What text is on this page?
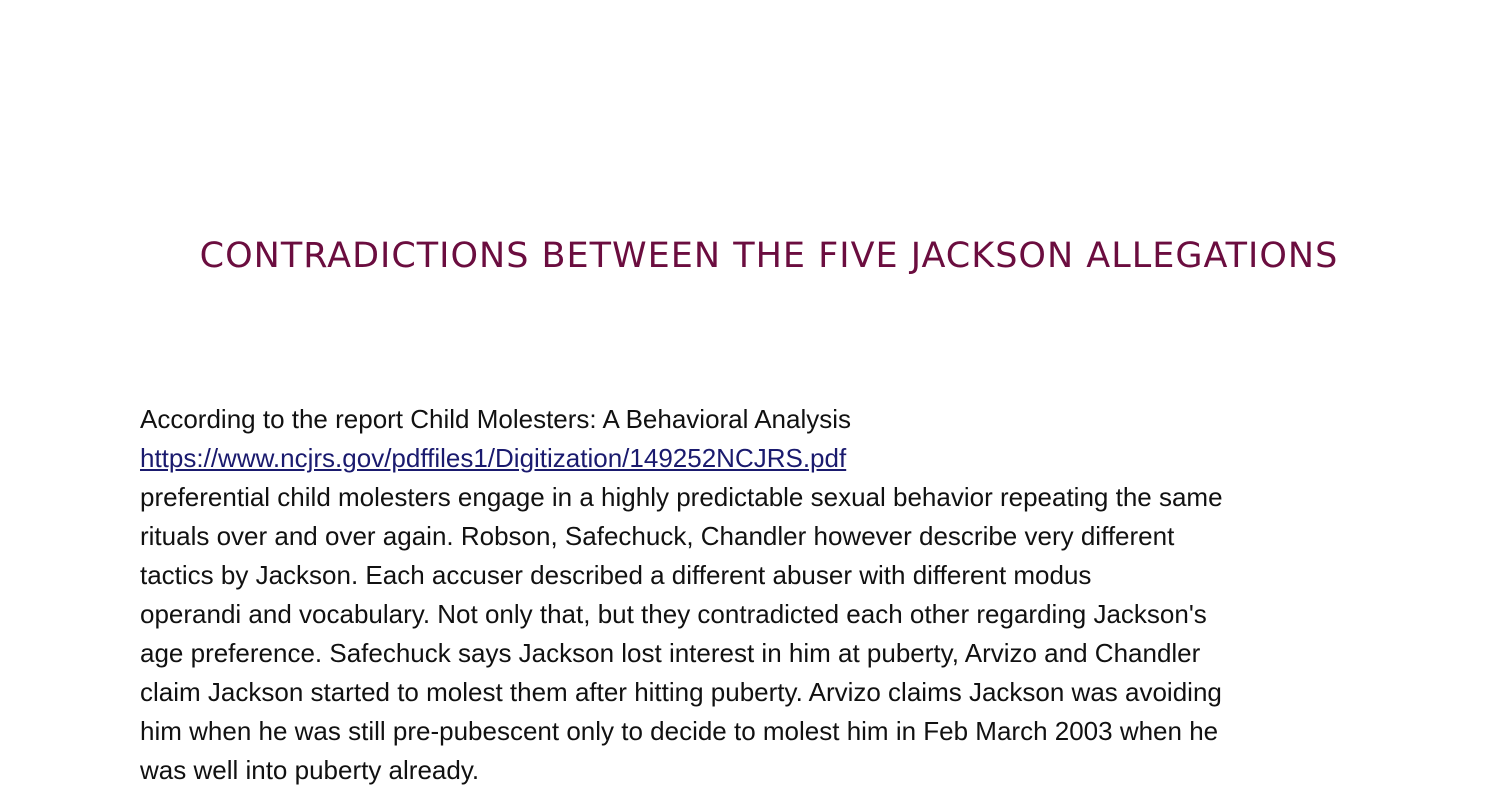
CONTRADICTIONS BETWEEN THE FIVE JACKSON ALLEGATIONS
According to the report Child Molesters: A Behavioral Analysis
https://www.ncjrs.gov/pdffiles1/Digitization/149252NCJRS.pdf
preferential child molesters engage in a highly predictable sexual behavior repeating the same
rituals over and over again. Robson, Safechuck, Chandler however describe very different
tactics by Jackson. Each accuser described a different abuser with different modus
operandi and vocabulary. Not only that, but they contradicted each other regarding Jackson's
age preference. Safechuck says Jackson lost interest in him at puberty, Arvizo and Chandler
claim Jackson started to molest them after hitting puberty. Arvizo claims Jackson was avoiding
him when he was still pre-pubescent only to decide to molest him in Feb March 2003 when he
was well into puberty already.
